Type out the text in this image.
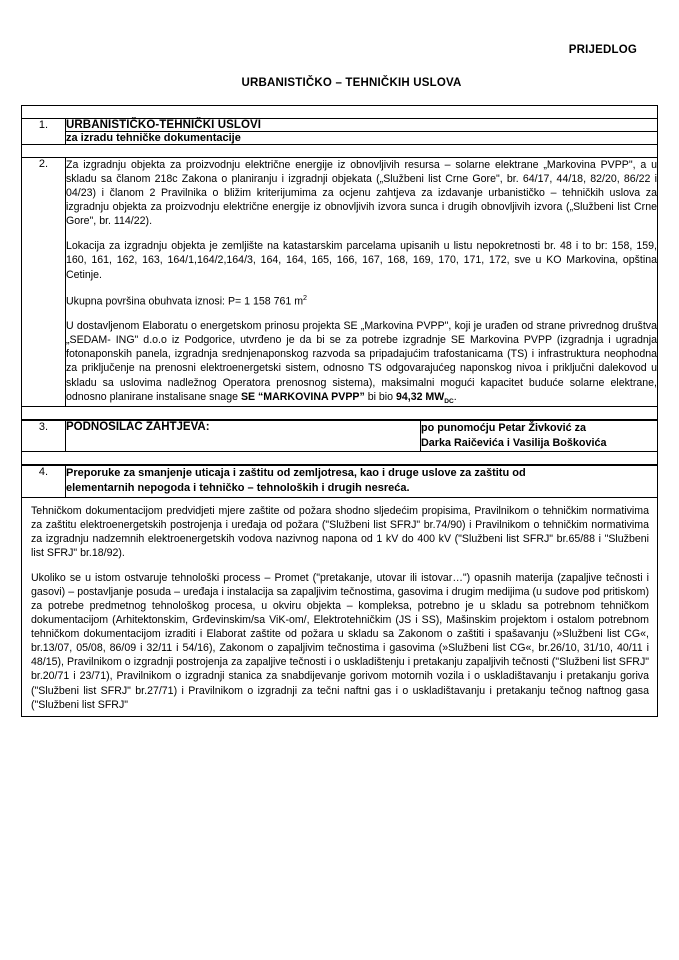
PRIJEDLOG
URBANISTIČKO – TEHNIČKIH USLOVA

1.	URBANISTIČKO-TEHNIČKI USLOVI
	za izradu tehničke dokumentacije

2.	Za izgradnju objekta za proizvodnju električne energije iz obnovljivih resursa – solarne elektrane „Markovina PVPP", a u skladu sa članom 218c Zakona o planiranju i izgradnji objekata („Službeni list Crne Gore", br. 64/17, 44/18, 82/20, 86/22 i 04/23) i članom 2 Pravilnika o bližim kriterijumima za ocjenu zahtjeva za izdavanje urbanističko – tehničkih uslova za izgradnju objekta za proizvodnju električne energije iz obnovljivih izvora sunca i drugih obnovljivih izvora („Službeni list Crne Gore", br. 114/22).

Lokacija za izgradnju objekta je zemljište na katastarskim parcelama upisanih u listu nepokretnosti br. 48 i to br: 158, 159, 160, 161, 162, 163, 164/1,164/2,164/3, 164, 164, 165, 166, 167, 168, 169, 170, 171, 172, sve u KO Markovina, opština Cetinje.

Ukupna površina obuhvata iznosi: P= 1 158 761 $m^2$

U dostavljenom Elaboratu o energetskom prinosu projekta SE „Markovina PVPP", koji je urađen od strane privrednog društva „SEDAM- ING" d.o.o iz Podgorice, utvrđeno je da bi se za potrebe izgradnje SE Markovina PVPP (izgradnja i ugradnja fotonaponskih panela, izgradnja srednjenaponskog razvoda sa pripadajućim trafostanicama (TS) i infrastruktura neophodna za priključenje na prenosni elektroenergetski sistem, odnosno TS odgovarajućeg naponskog nivoa i priključni dalekovod u skladu sa uslovima nadležnog Operatora prenosnog sistema), maksimalni mogući kapacitet buduće solarne elektrane, odnosno planirane instalisane snage SE “MARKOVINA PVPP” bi bio 94,32 $MW_{DC}$.

3.	PODNOSILAC ZAHTJEVA:	po punomoćju Petar Živković za
Darka Raičevića i Vasilija Boškovića

4.	Preporuke za smanjenje uticaja i zaštitu od zemljotresa, kao i druge uslove za zaštitu od
elementarnih nepogoda i tehničko – tehnoloških i drugih nesreća.

Tehničkom dokumentacijom predvidjeti mjere zaštite od požara shodno sljedećim propisima, Pravilnikom o tehničkim normativima za zaštitu elektroenergetskih postrojenja i uređaja od požara ("Službeni list SFRJ" br.74/90) i Pravilnikom o tehničkim normativima za izgradnju nadzemnih elektroenergetskih vodova nazivnog napona od 1 kV do 400 kV ("Službeni list SFRJ" br.65/88 i "Službeni list SFRJ" br.18/92).

Ukoliko se u istom ostvaruje tehnološki process – Promet ("pretakanje, utovar ili istovar…") opasnih materija (zapaljive tečnosti i gasovi) – postavljanje posuda – uređaja i instalacija sa zapaljivim tečnostima, gasovima i drugim medijima (u sudove pod pritiskom) za potrebe predmetnog tehnološkog procesa, u okviru objekta – kompleksa, potrebno je u skladu sa potrebnom tehničkom dokumentacijom (Arhitektonskim, Grđevinskim/sa ViK-om/, Elektrotehničkim (JS i SS), Mašinskim projektom i ostalom potrebnom tehničkom dokumentacijom izraditi i Elaborat zaštite od požara u skladu sa Zakonom o zaštiti i spašavanju (»Službeni list CG«, br.13/07, 05/08, 86/09 i 32/11 i 54/16), Zakonom o zapaljivim tečnostima i gasovima (»Službeni list CG«, br.26/10, 31/10, 40/11 i 48/15), Pravilnikom o izgradnji postrojenja za zapaljive tečnosti i o uskladištenju i pretakanju zapaljivih tečnosti ("Službeni list SFRJ" br.20/71 i 23/71), Pravilnikom o izgradnji stanica za snabdijevanje gorivom motornih vozila i o uskladištavanju i pretakanju goriva ("Službeni list SFRJ" br.27/71) i Pravilnikom o izgradnji za tečni naftni gas i o uskladištavanju i pretakanju tečnog naftnog gasa ("Službeni list SFRJ"
